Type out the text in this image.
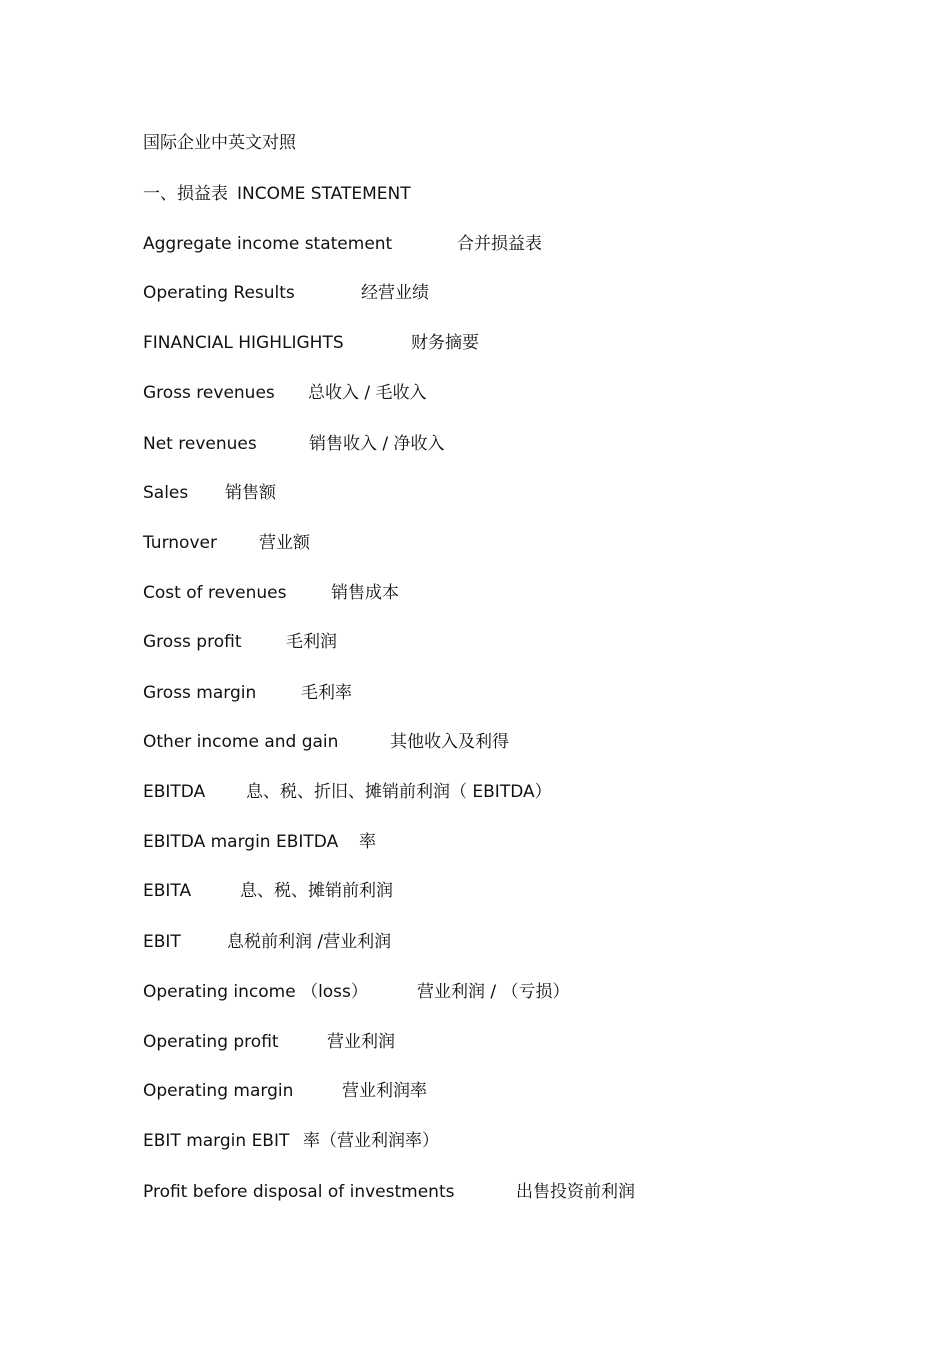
国际企业中英文对照
一、损益表 INCOME STATEMENT
Aggregate income statement	合并损益表
Operating Results	经营业绩
FINANCIAL HIGHLIGHTS	财务摘要
Gross revenues 总收入 / 毛收入
Net revenues	销售收入 / 净收入
Sales 销售额
Turnover 营业额
Cost of revenues	销售成本
Gross profit	毛利润
Gross margin	毛利率
Other income and gain	其他收入及利得
EBITDA 息、税、折旧、摊销前利润（ EBITDA）
EBITDA margin EBITDA 率
EBITA	息、税、摊销前利润
EBIT	息税前利润 /营业利润
Operating income （loss）	营业利润 / （亏损）
Operating profit	营业利润
Operating margin	营业利润率
EBIT margin EBIT 率（营业利润率）
Profit before disposal of investments	出售投资前利润
